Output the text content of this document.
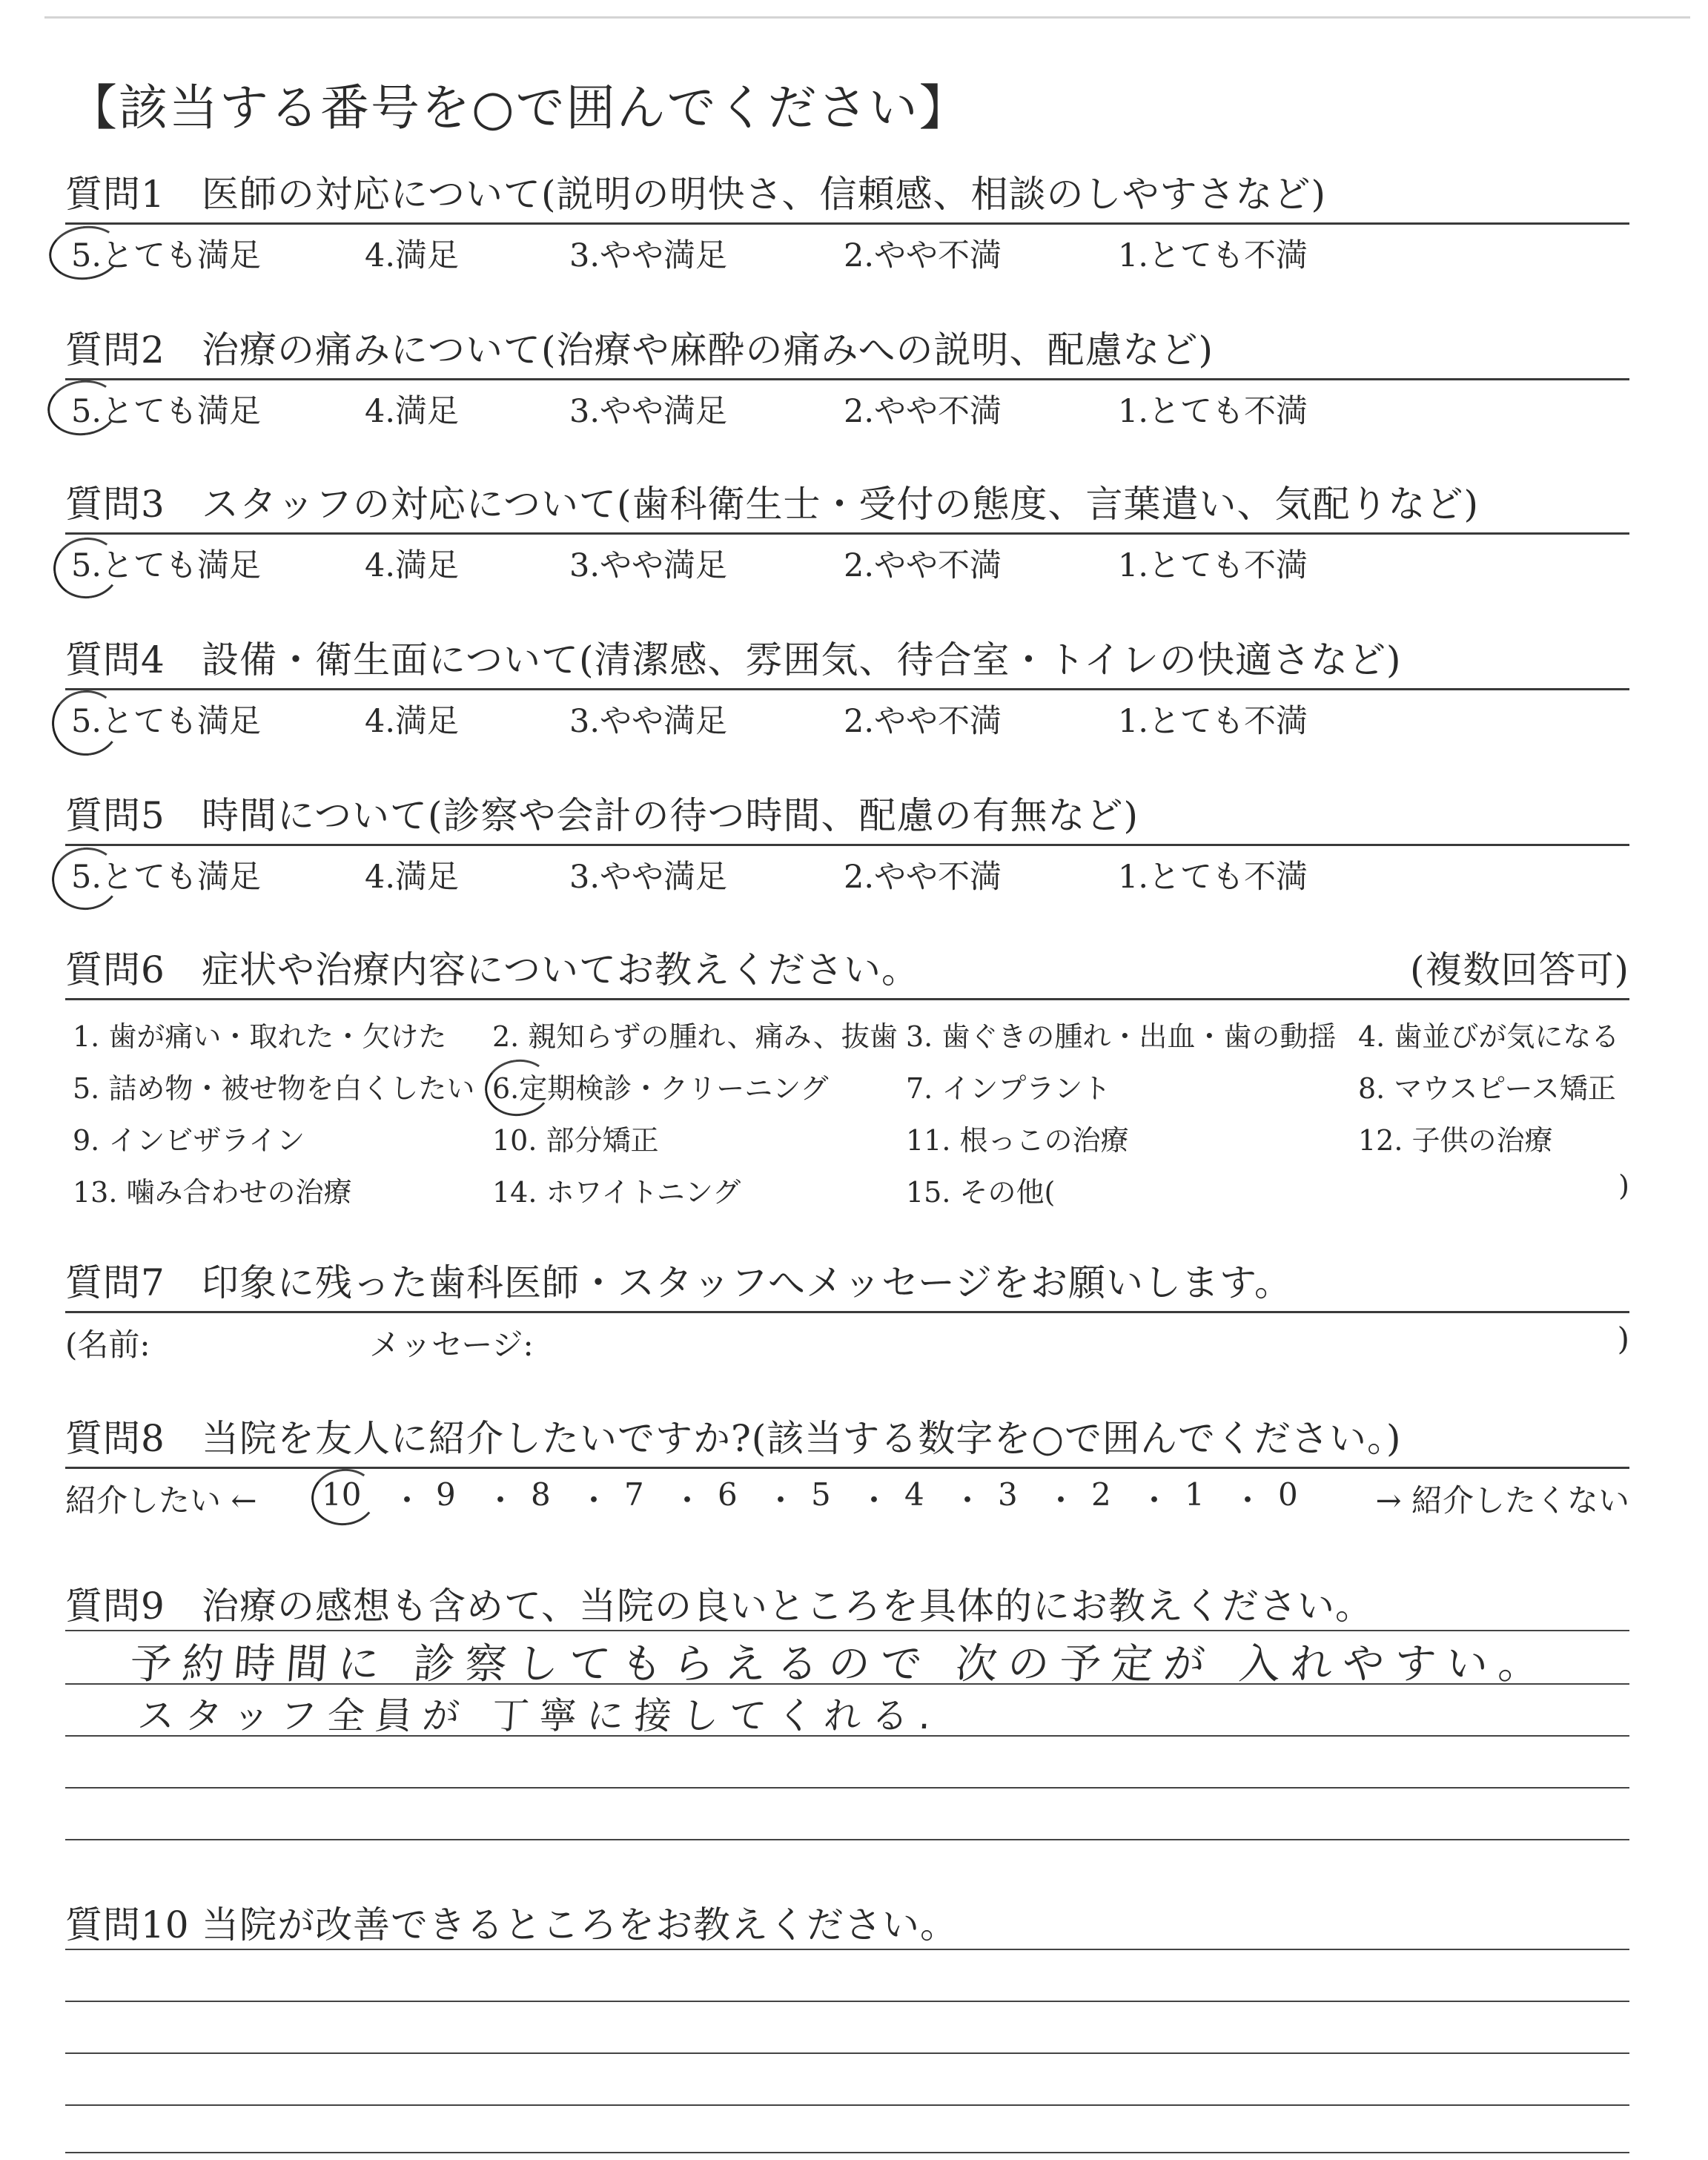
【該当する番号を○で囲んでください】
質問1 医師の対応について(説明の明快さ、信頼感、相談のしやすさなど)
5.とても満足	4.満足	3.やや満足	2.やや不満	1.とても不満
質問2 治療の痛みについて(治療や麻酔の痛みへの説明、配慮など)
5.とても満足	4.満足	3.やや満足	2.やや不満	1.とても不満
質問3 スタッフの対応について(歯科衛生士・受付の態度、言葉遣い、気配りなど)
5.とても満足	4.満足	3.やや満足	2.やや不満	1.とても不満
質問4 設備・衛生面について(清潔感、雰囲気、待合室・トイレの快適さなど)
5.とても満足	4.満足	3.やや満足	2.やや不満	1.とても不満
質問5 時間について(診察や会計の待つ時間、配慮の有無など)
5.とても満足	4.満足	3.やや満足	2.やや不満	1.とても不満
質問6 症状や治療内容についてお教えください。	(複数回答可)
1. 歯が痛い・取れた・欠けた 2. 親知らずの腫れ、痛み、抜歯 3. 歯ぐきの腫れ・出血・歯の動揺 4. 歯並びが気になる
5. 詰め物・被せ物を白くしたい 6.定期検診・クリーニング	7. インプラント	8. マウスピース矯正
9. インビザライン	10. 部分矯正	11. 根っこの治療	12. 子供の治療
13. 噛み合わせの治療	14. ホワイトニング	15. その他(	)
質問7 印象に残った歯科医師・スタッフへメッセージをお願いします。
(名前:	メッセージ:	)
質問8 当院を友人に紹介したいですか?(該当する数字を○で囲んでください。)
紹介したい ← 10 ・ 9 ・ 8 ・ 7 ・ 6 ・ 5 ・ 4 ・ 3 ・ 2 ・ 1 ・ 0 → 紹介したくない
質問9 治療の感想も含めて、当院の良いところを具体的にお教えください。
予約時間に 診察してもらえるので 次の予定が 入れやすい。
スタッフ全員が 丁寧に接してくれる.
質問10 当院が改善できるところをお教えください。
